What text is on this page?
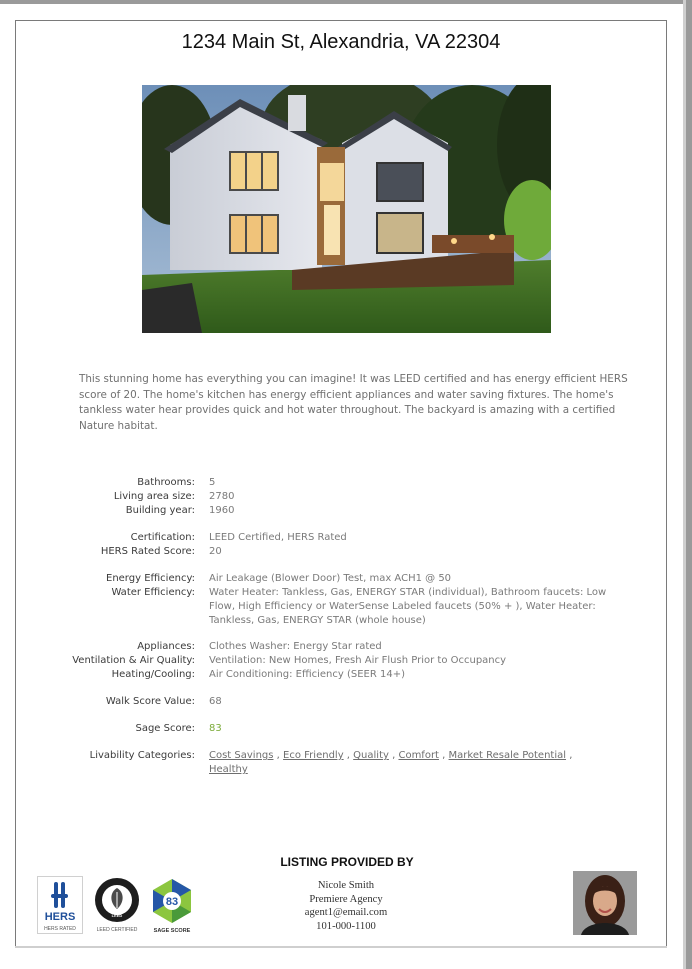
1234 Main St, Alexandria, VA 22304
This stunning home has everything you can imagine! It was LEED certified and has energy efficient HERS score of 20. The home's kitchen has energy efficient appliances and water saving fixtures. The home's tankless water hear provides quick and hot water throughout. The backyard is amazing with a certified Nature habitat.
Bathrooms: 5
Living area size: 2780
Building year: 1960
Certification: LEED Certified, HERS Rated
HERS Rated Score: 20
Energy Efficiency: Air Leakage (Blower Door) Test, max ACH1 @ 50
Water Efficiency: Water Heater: Tankless, Gas, ENERGY STAR (individual), Bathroom faucets: Low Flow, High Efficiency or WaterSense Labeled faucets (50% + ), Water Heater: Tankless, Gas, ENERGY STAR (whole house)
Appliances: Clothes Washer: Energy Star rated
Ventilation & Air Quality: Ventilation: New Homes, Fresh Air Flush Prior to Occupancy
Heating/Cooling: Air Conditioning: Efficiency (SEER 14+)
Walk Score Value: 68
Sage Score: 83
Livability Categories: Cost Savings , Eco Friendly , Quality , Comfort , Market Resale Potential , Healthy
LISTING PROVIDED BY
Nicole Smith
Premiere Agency
agent1@email.com
101-000-1100
HERS
HERS RATED
LEED
LEED CERTIFIED
83
SAGE SCORE
